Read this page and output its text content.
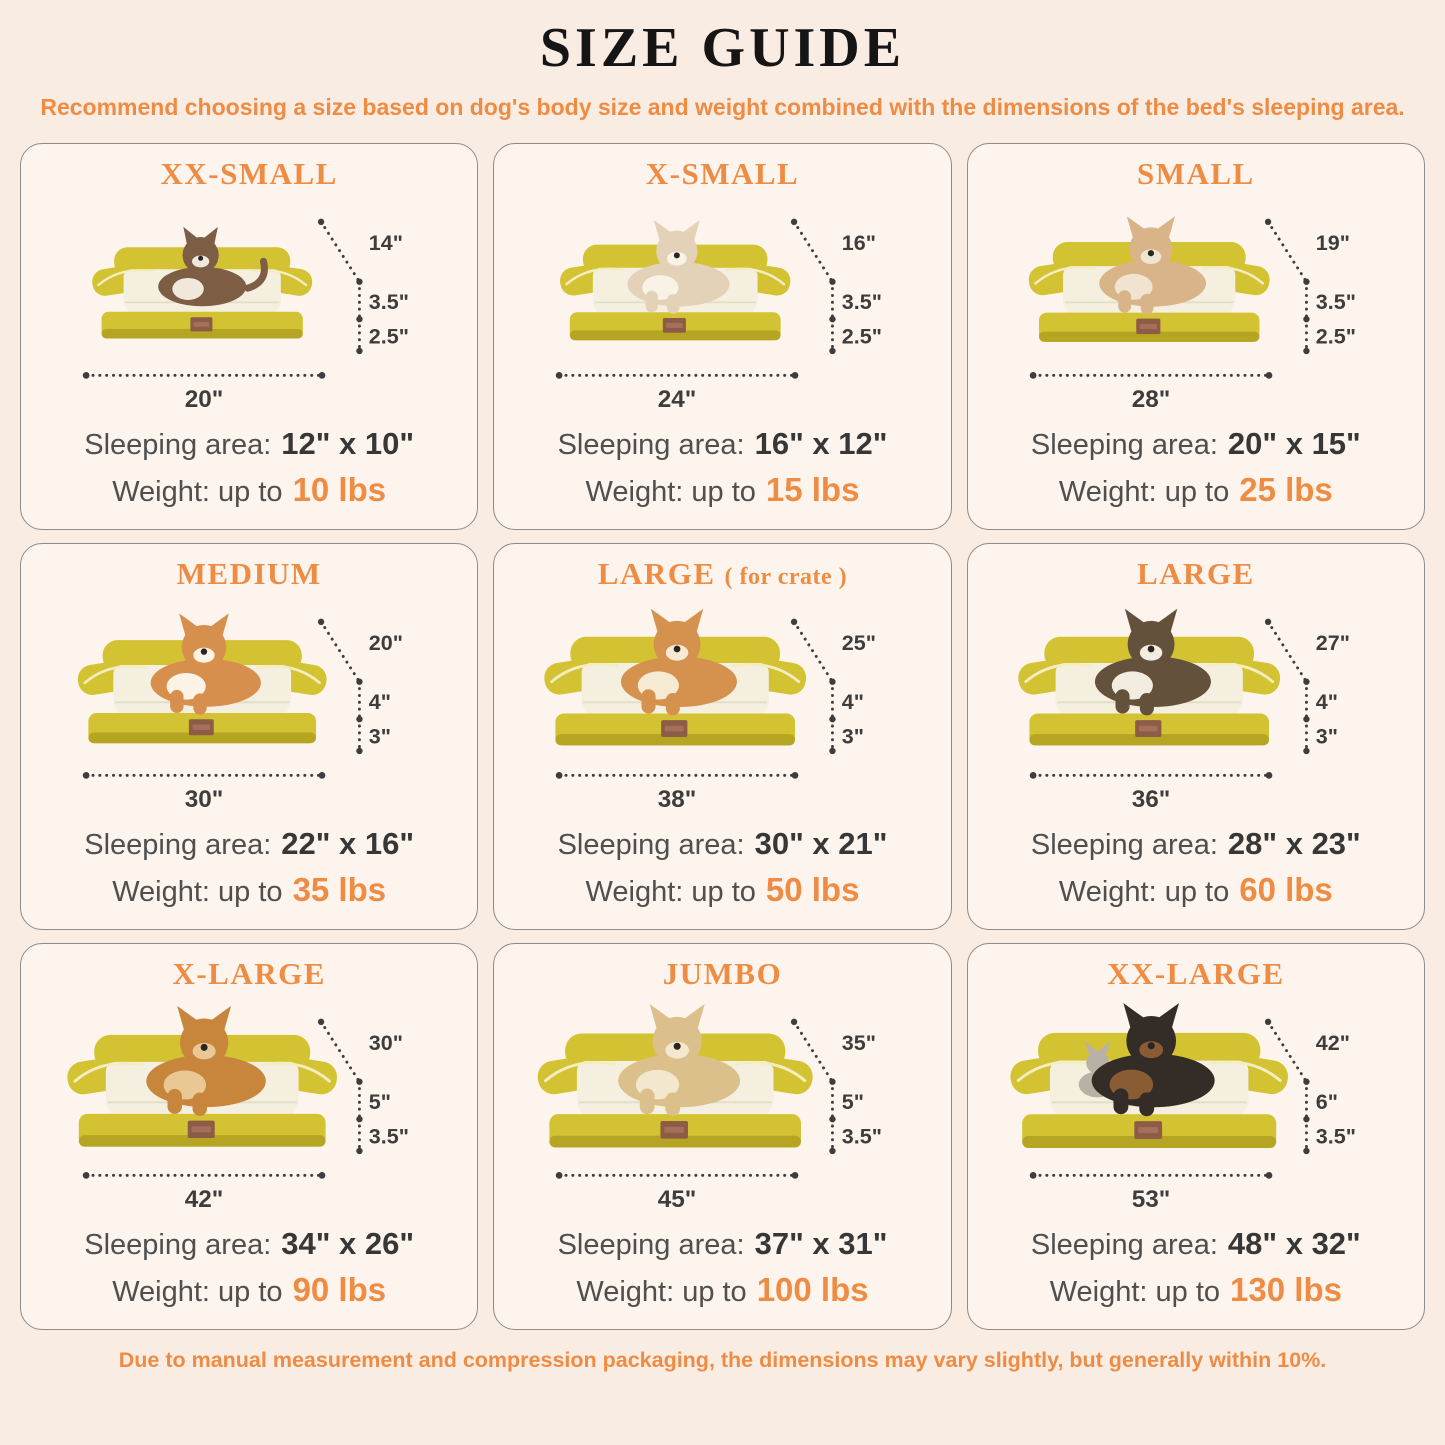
SIZE GUIDE

Recommend choosing a size based on dog's body size and weight combined with the dimensions of the bed's sleeping area.

XX-SMALL
14"
3.5"
2.5"
20"
Sleeping area: 12" x 10"
Weight: up to 10 lbs
X-SMALL
16"
3.5"
2.5"
24"
Sleeping area: 16" x 12"
Weight: up to 15 lbs
SMALL
19"
3.5"
2.5"
28"
Sleeping area: 20" x 15"
Weight: up to 25 lbs
MEDIUM
20"
4"
3"
30"
Sleeping area: 22" x 16"
Weight: up to 35 lbs
LARGE ( for crate )
25"
4"
3"
38"
Sleeping area: 30" x 21"
Weight: up to 50 lbs
LARGE
27"
4"
3"
36"
Sleeping area: 28" x 23"
Weight: up to 60 lbs
X-LARGE
30"
5"
3.5"
42"
Sleeping area: 34" x 26"
Weight: up to 90 lbs
JUMBO
35"
5"
3.5"
45"
Sleeping area: 37" x 31"
Weight: up to 100 lbs
XX-LARGE
42"
6"
3.5"
53"
Sleeping area: 48" x 32"
Weight: up to 130 lbs

Due to manual measurement and compression packaging, the dimensions may vary slightly, but generally within 10%.
